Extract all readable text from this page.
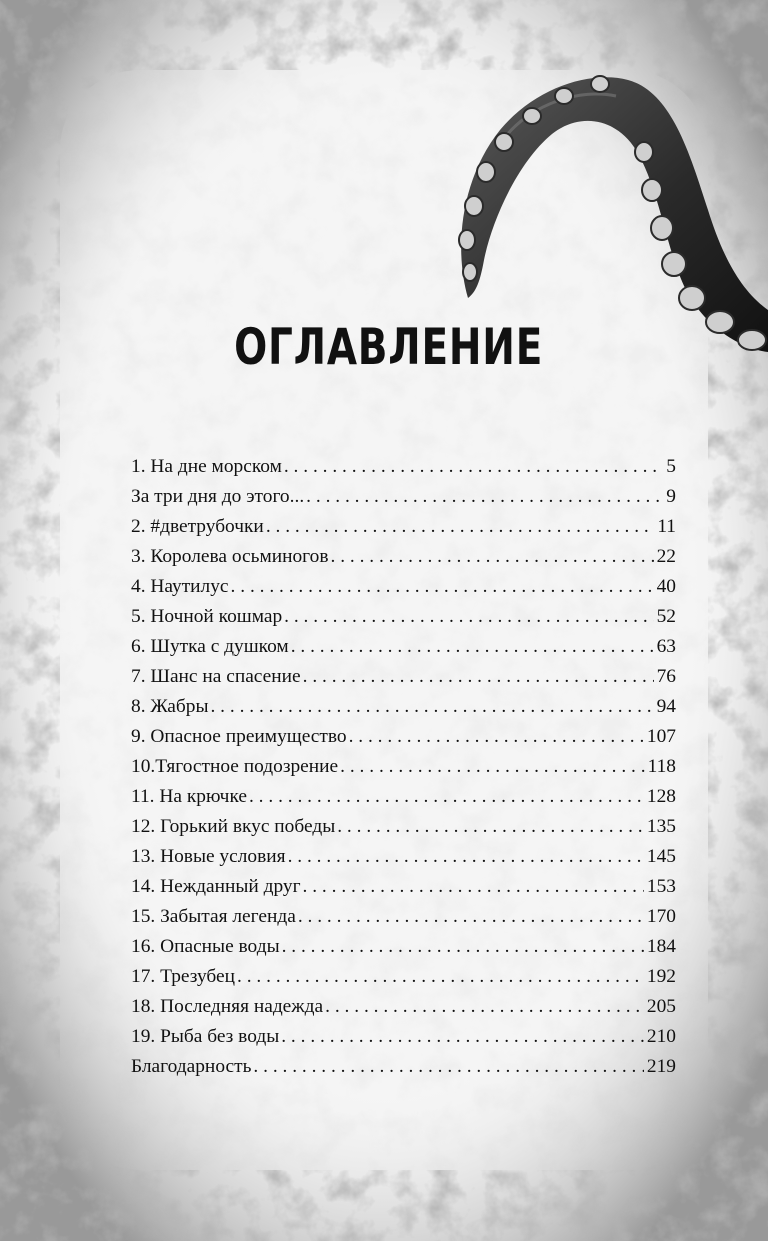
ОГЛАВЛЕНИЕ
1. На дне морском . . .	5
За три дня до этого... . . .	9
2. #дветрубочки . . .	11
3. Королева осьминогов . . .	22
4. Наутилус . . .	40
5. Ночной кошмар . . .	52
6. Шутка с душком . . .	63
7. Шанс на спасение . . .	76
8. Жабры . . .	94
9. Опасное преимущество . . .	107
10.Тягостное подозрение . . .	118
11. На крючке . . .	128
12. Горький вкус победы . . .	135
13. Новые условия . . .	145
14. Нежданный друг . . .	153
15. Забытая легенда . . .	170
16. Опасные воды . . .	184
17. Трезубец . . .	192
18. Последняя надежда . . .	205
19. Рыба без воды . . .	210
Благодарность . . .	219
